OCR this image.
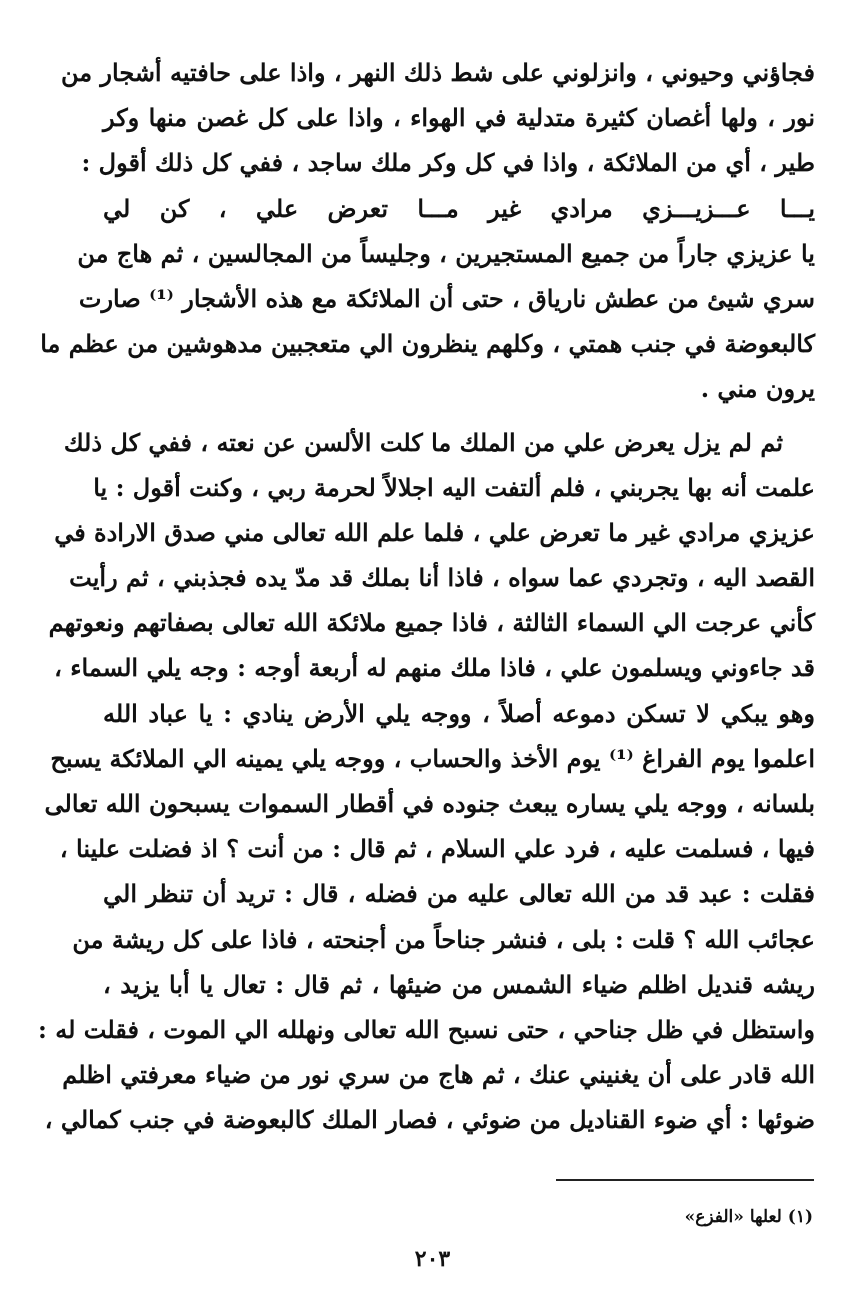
فجاؤني وحيوني ، وانزلوني على شط ذلك النهر ، واذا على حافتيه أشجار من
نور ، ولها أغصان كثيرة متدلية في الهواء ، واذا على كل غصن منها وكر
طير ، أي من الملائكة ، واذا في كل وكر ملك ساجد ، ففي كل ذلك أقول :
يـــا عـــزيـــزي مرادي غير مـــا تعرض علي ، كن لي
يا عزيزي جاراً من جميع المستجيرين ، وجليساً من المجالسين ، ثم هاج من
سري شيئ من عطش نارياق ، حتى أن الملائكة مع هذه الأشجار ⁽¹⁾ صارت
كالبعوضة في جنب همتي ، وكلهم ينظرون الي متعجبين مدهوشين من عظم ما
يرون مني .
ثم لم يزل يعرض علي من الملك ما كلت الألسن عن نعته ، ففي كل ذلك
علمت أنه بها يجربني ، فلم ألتفت اليه اجلالاً لحرمة ربي ، وكنت أقول : يا
عزيزي مرادي غير ما تعرض علي ، فلما علم الله تعالى مني صدق الارادة في
القصد اليه ، وتجردي عما سواه ، فاذا أنا بملك قد مدّ يده فجذبني ، ثم رأيت
كأني عرجت الي السماء الثالثة ، فاذا جميع ملائكة الله تعالى بصفاتهم ونعوتهم
قد جاءوني ويسلمون علي ، فاذا ملك منهم له أربعة أوجه : وجه يلي السماء ،
وهو يبكي لا تسكن دموعه أصلاً ، ووجه يلي الأرض ينادي : يا عباد الله
اعلموا يوم الفراغ ⁽¹⁾ يوم الأخذ والحساب ، ووجه يلي يمينه الي الملائكة يسبح
بلسانه ، ووجه يلي يساره يبعث جنوده في أقطار السموات يسبحون الله تعالى
فيها ، فسلمت عليه ، فرد علي السلام ، ثم قال : من أنت ؟ اذ فضلت علينا ،
فقلت : عبد قد من الله تعالى عليه من فضله ، قال : تريد أن تنظر الي
عجائب الله ؟ قلت : بلى ، فنشر جناحاً من أجنحته ، فاذا على كل ريشة من
ريشه قنديل اظلم ضياء الشمس من ضيئها ، ثم قال : تعال يا أبا يزيد ،
واستظل في ظل جناحي ، حتى نسبح الله تعالى ونهلله الي الموت ، فقلت له :
الله قادر على أن يغنيني عنك ، ثم هاج من سري نور من ضياء معرفتي اظلم
ضوئها : أي ضوء القناديل من ضوئي ، فصار الملك كالبعوضة في جنب كمالي ،
(١) لعلها «الفزع»
٢٠٣
